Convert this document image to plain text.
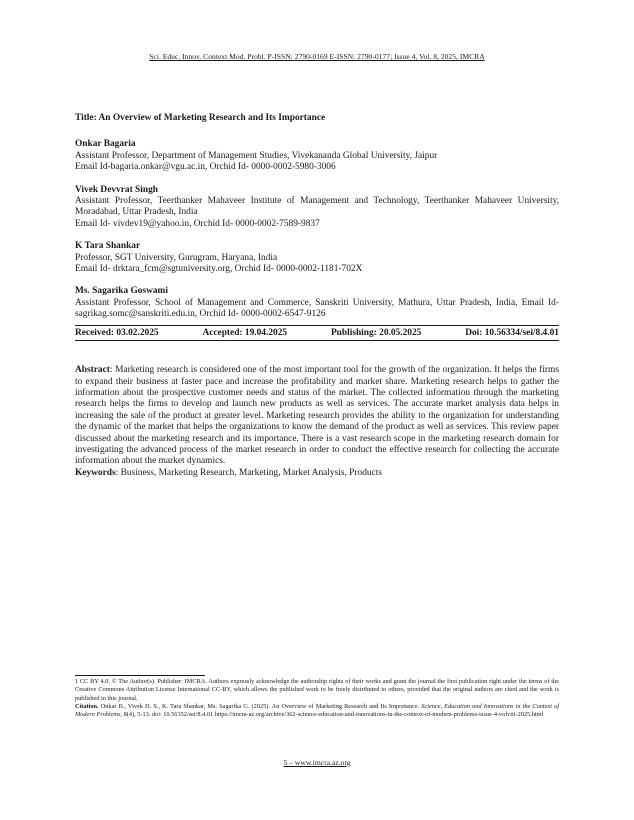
Sci. Educ. Innov. Context Mod. Probl. P-ISSN: 2790-0169 E-ISSN: 2790-0177; Issue 4, Vol. 8, 2025, IMCRA

Title: An Overview of Marketing Research and Its Importance

Onkar Bagaria

Assistant Professor, Department of Management Studies, Vivekananda Global University, Jaipur

Email Id-bagaria.onkar@vgu.ac.in, Orchid Id- 0000-0002-5980-3006

Vivek Devvrat Singh

Assistant Professor, Teerthanker Mahaveer Institute of Management and Technology, Teerthanker Mahaveer University, Moradabad, Uttar Pradesh, India

Email Id- vivdev19@yahoo.in, Orchid Id- 0000-0002-7589-9837

K Tara Shankar

Professor, SGT University, Gurugram, Haryana, India

Email Id- drktara_fcm@sgtuniversity.org, Orchid Id- 0000-0002-1181-702X

Ms. Sagarika Goswami

Assistant Professor, School of Management and Commerce, Sanskriti University, Mathura, Uttar Pradesh, India, Email Id- sagrikag.somc@sanskriti.edu.in, Orchid Id- 0000-0002-6547-9126

Received: 03.02.2025	Accepted: 19.04.2025	Publishing: 20.05.2025	Doi: 10.56334/sei/8.4.01

Abstract: Marketing research is considered one of the most important tool for the growth of the organization. It helps the firms to expand their business at faster pace and increase the profitability and market share. Marketing research helps to gather the information about the prospective customer needs and status of the market. The collected information through the marketing research helps the firms to develop and launch new products as well as services. The accurate market analysis data helps in increasing the sale of the product at greater level. Marketing research provides the ability to the organization for understanding the dynamic of the market that helps the organizations to know the demand of the product as well as services. This review paper discussed about the marketing research and its importance. There is a vast research scope in the marketing research domain for investigating the advanced process of the market research in order to conduct the effective research for collecting the accurate information about the market dynamics.

Keywords: Business, Marketing Research, Marketing, Market Analysis, Products

1 CC BY 4.0. © The Author(s). Publisher: IMCRA. Authors expressly acknowledge the authorship rights of their works and grant the journal the first publication right under the terms of the Creative Commons Attribution License International CC-BY, which allows the published work to be freely distributed to others, provided that the original authors are cited and the work is published in this journal.

Citation. Onkar B., Vivek D. S., K. Tara Shankar, Ms. Sagarika G. (2025). An Overview of Marketing Research and Its Importance. Science, Education and Innovations in the Context of Modern Problems, 8(4), 5-13. doi: 10.56352/sei/8.4.01 https://imcra-az.org/archive/362-science-education-and-innovations-in-the-context-of-modern-problems-issue-4-volviii-2025.html

5 – www.imcra.az.org
